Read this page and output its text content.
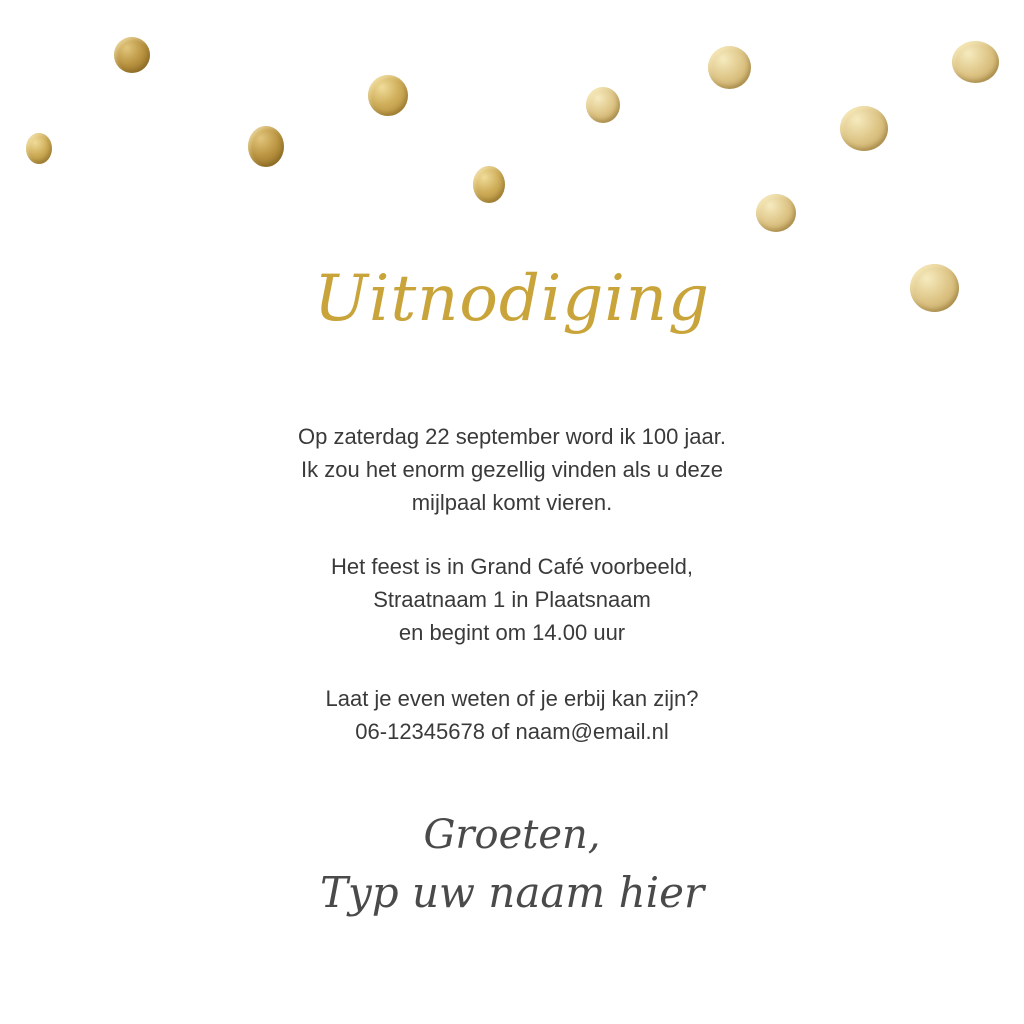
Uitnodiging
Op zaterdag 22 september word ik 100 jaar.
Ik zou het enorm gezellig vinden als u deze
mijlpaal komt vieren.
Het feest is in Grand Café voorbeeld,
Straatnaam 1 in Plaatsnaam
en begint om 14.00 uur
Laat je even weten of je erbij kan zijn?
06-12345678 of naam@email.nl
Groeten,
Typ uw naam hier
